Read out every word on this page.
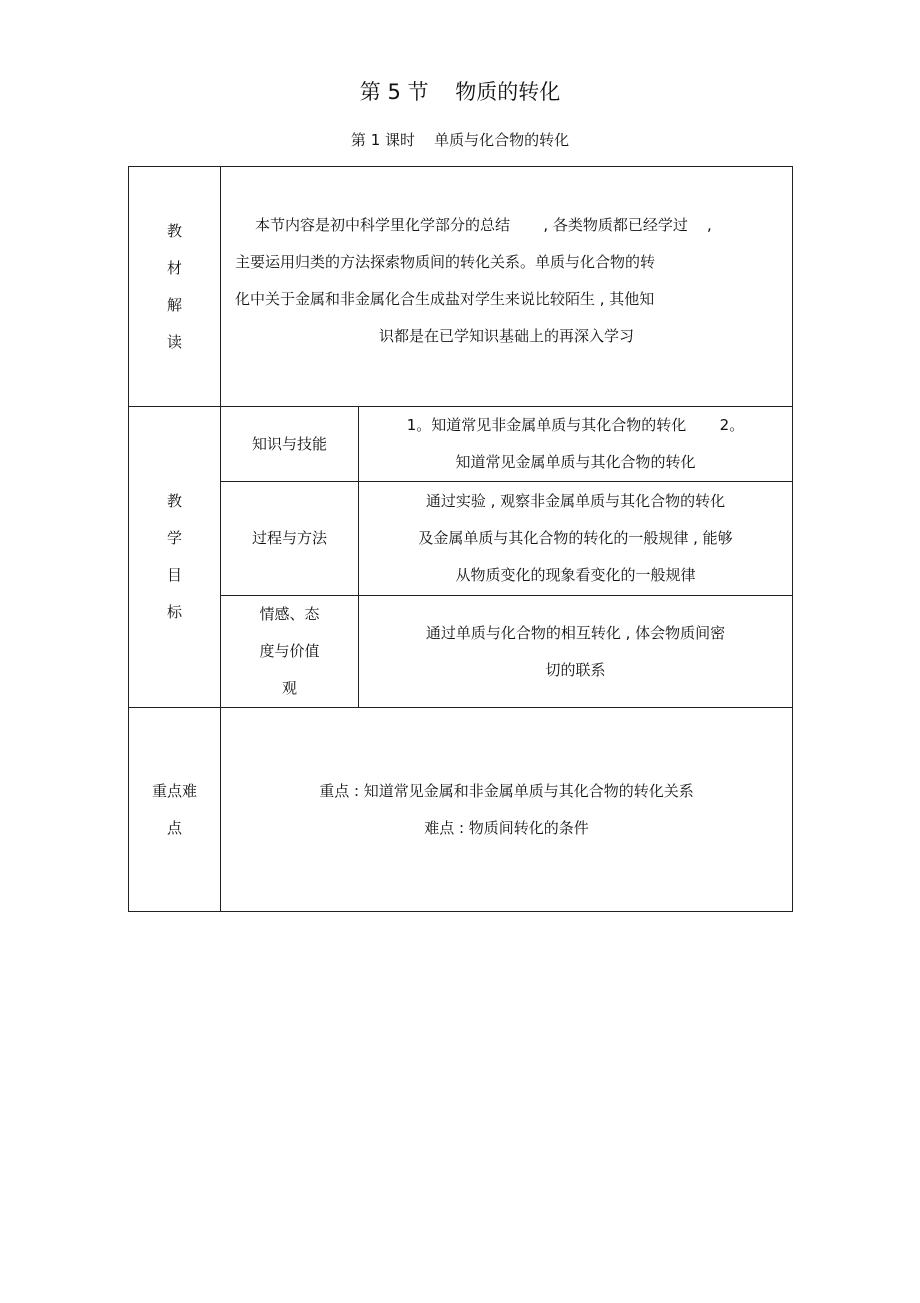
第 5 节    物质的转化
第 1 课时    单质与化合物的转化
教材解读	本节内容是初中科学里化学部分的总结       , 各类物质都已经学过    ,
主要运用归类的方法探索物质间的转化关系。单质与化合物的转
化中关于金属和非金属化合生成盐对学生来说比较陌生 , 其他知
识都是在已学知识基础上的再深入学习	

教学目标	知识与技能	1。知道常见非金属单质与其化合物的转化       2。
知道常见金属单质与其化合物的转化

	过程与方法	通过实验 , 观察非金属单质与其化合物的转化
及金属单质与其化合物的转化的一般规律 , 能够
从物质变化的现象看变化的一般规律

	情感、态度与价值观	通过单质与化合物的相互转化 , 体会物质间密
切的联系

重点难点	重点 : 知道常见金属和非金属单质与其化合物的转化关系
难点 : 物质间转化的条件	
